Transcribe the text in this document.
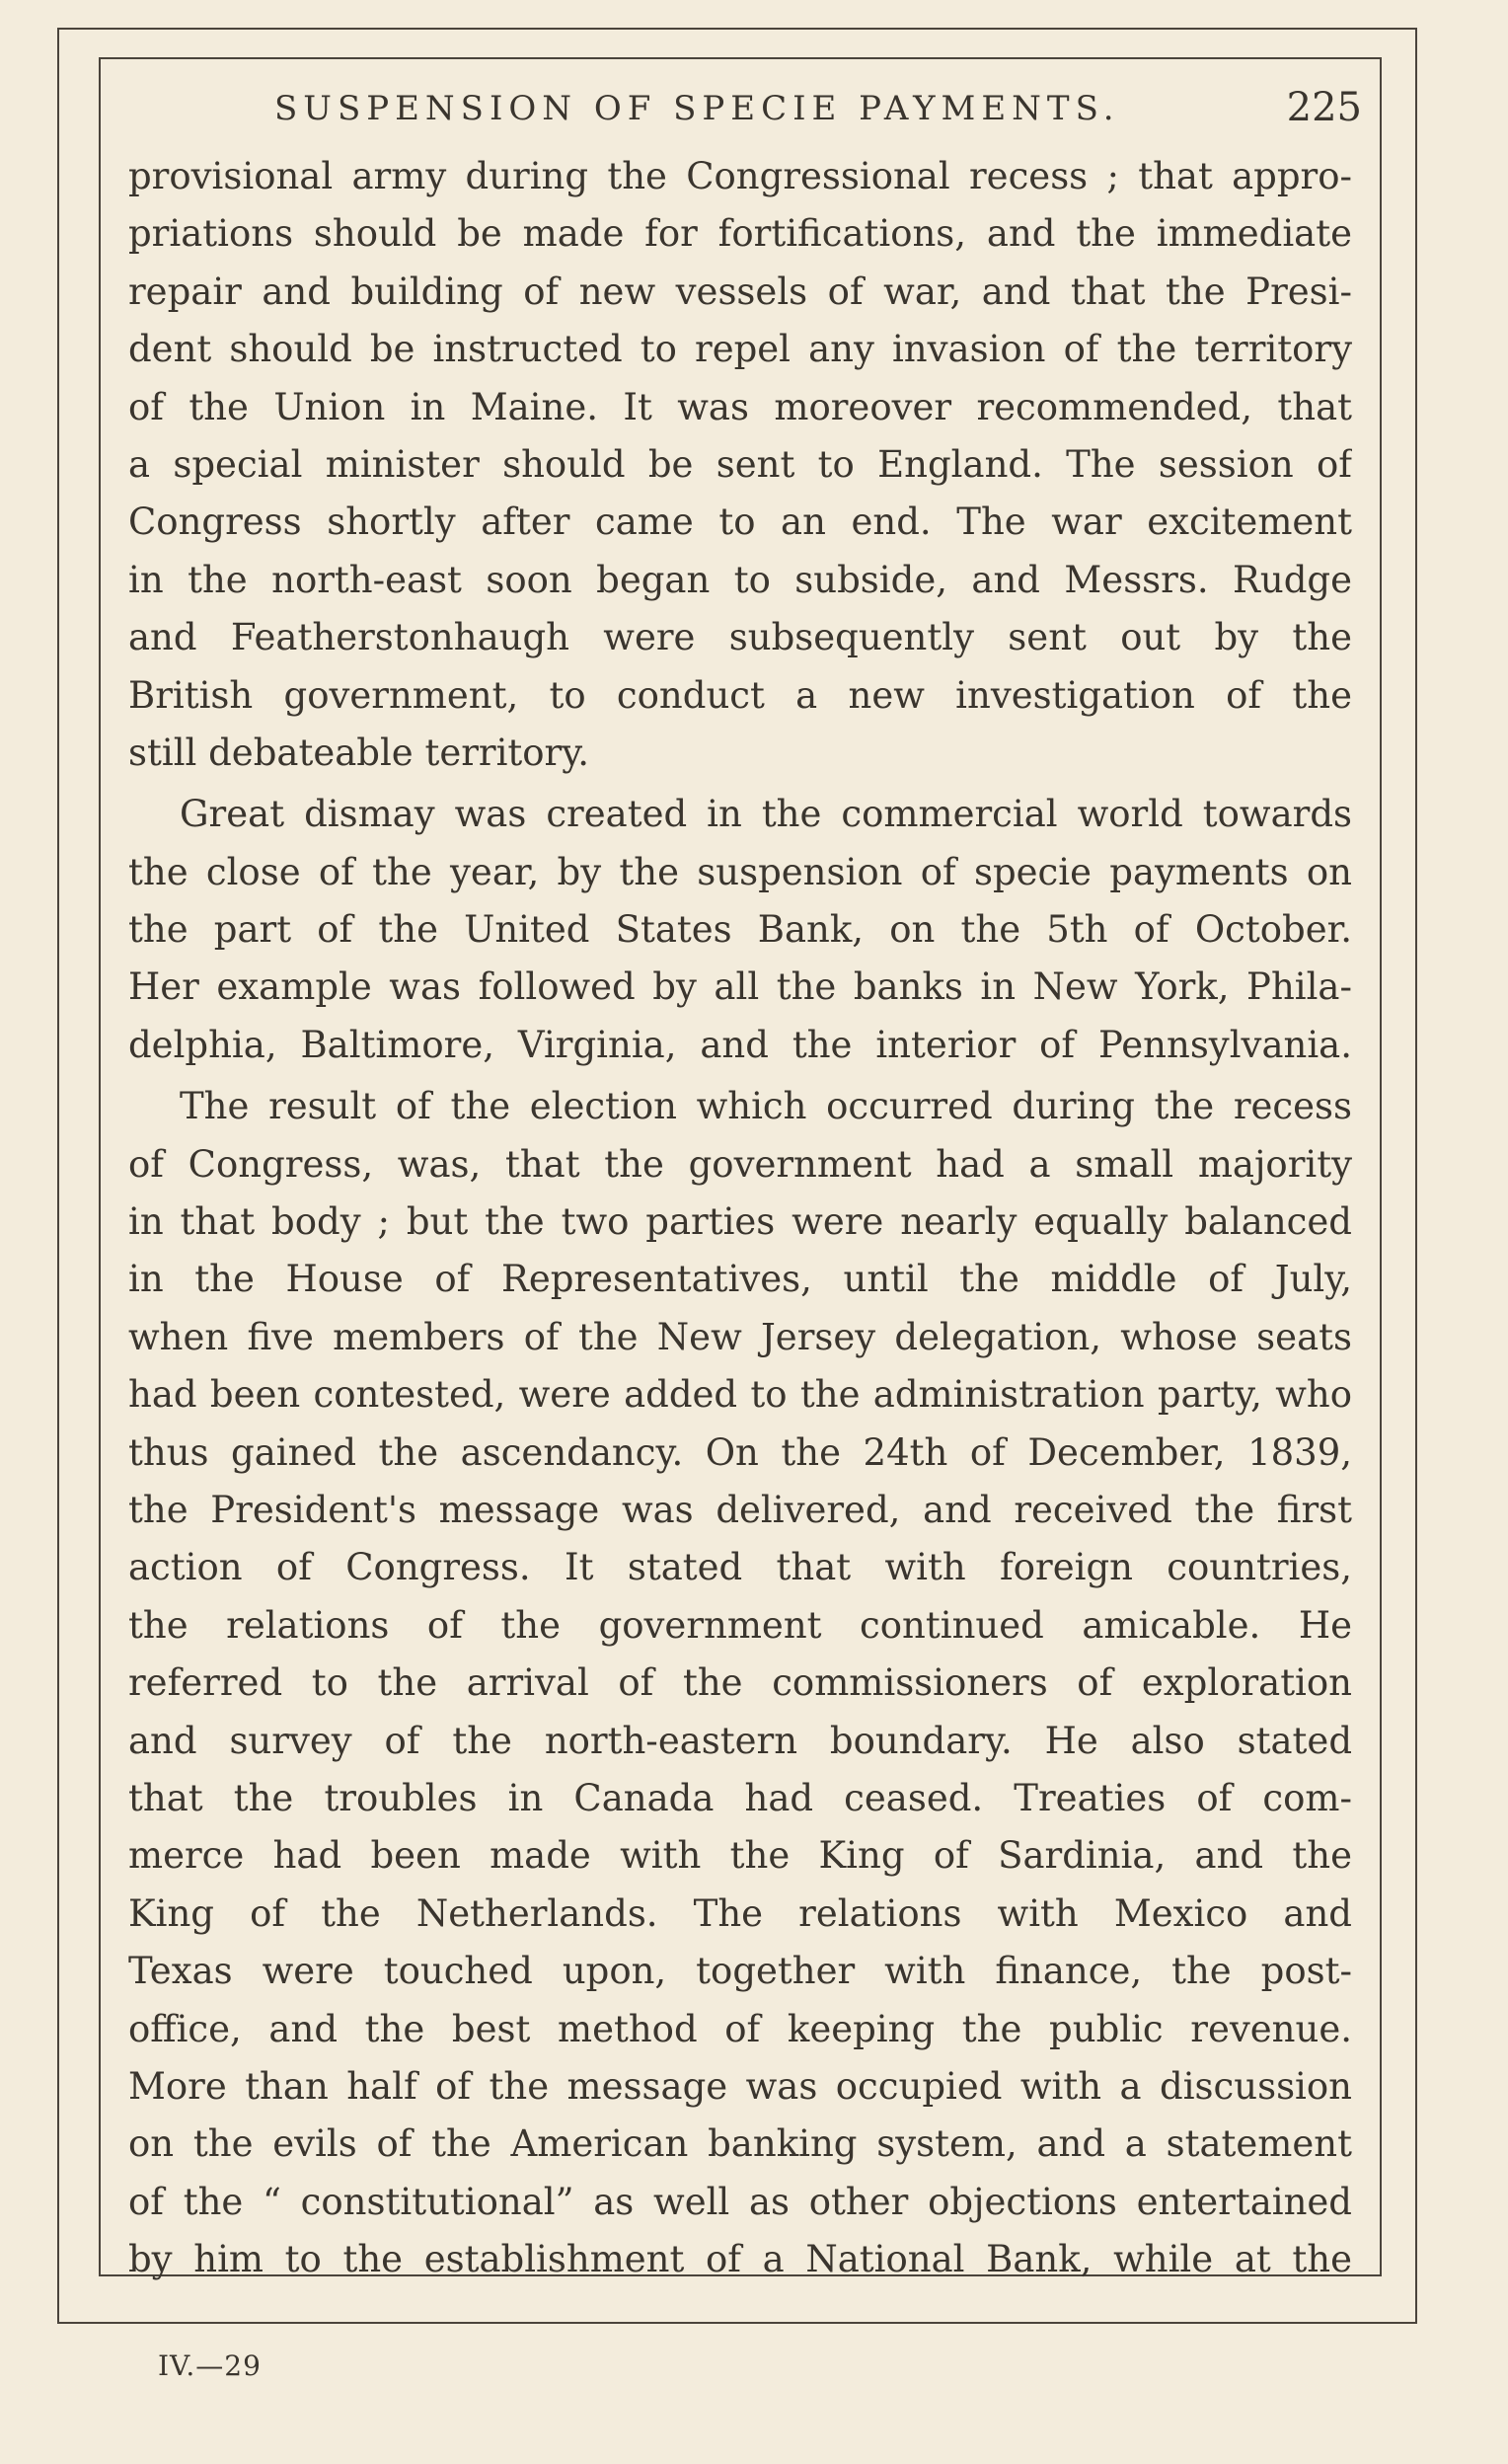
SUSPENSION OF SPECIE PAYMENTS.	225
provisional army during the Congressional recess ; that appro-
priations should be made for fortifications, and the immediate
repair and building of new vessels of war, and that the Presi-
dent should be instructed to repel any invasion of the territory
of the Union in Maine. It was moreover recommended, that
a special minister should be sent to England. The session of
Congress shortly after came to an end. The war excitement
in the north-east soon began to subside, and Messrs. Rudge
and Featherstonhaugh were subsequently sent out by the
British government, to conduct a new investigation of the
still debateable territory.
Great dismay was created in the commercial world towards
the close of the year, by the suspension of specie payments on
the part of the United States Bank, on the 5th of October.
Her example was followed by all the banks in New York, Phila-
delphia, Baltimore, Virginia, and the interior of Pennsylvania.
The result of the election which occurred during the recess
of Congress, was, that the government had a small majority
in that body ; but the two parties were nearly equally balanced
in the House of Representatives, until the middle of July,
when five members of the New Jersey delegation, whose seats
had been contested, were added to the administration party, who
thus gained the ascendancy. On the 24th of December, 1839,
the President's message was delivered, and received the first
action of Congress. It stated that with foreign countries,
the relations of the government continued amicable. He
referred to the arrival of the commissioners of exploration
and survey of the north-eastern boundary. He also stated
that the troubles in Canada had ceased. Treaties of com-
merce had been made with the King of Sardinia, and the
King of the Netherlands. The relations with Mexico and
Texas were touched upon, together with finance, the post-
office, and the best method of keeping the public revenue.
More than half of the message was occupied with a discussion
on the evils of the American banking system, and a statement
of the “ constitutional” as well as other objections entertained
by him to the establishment of a National Bank, while at the
IV.—29
